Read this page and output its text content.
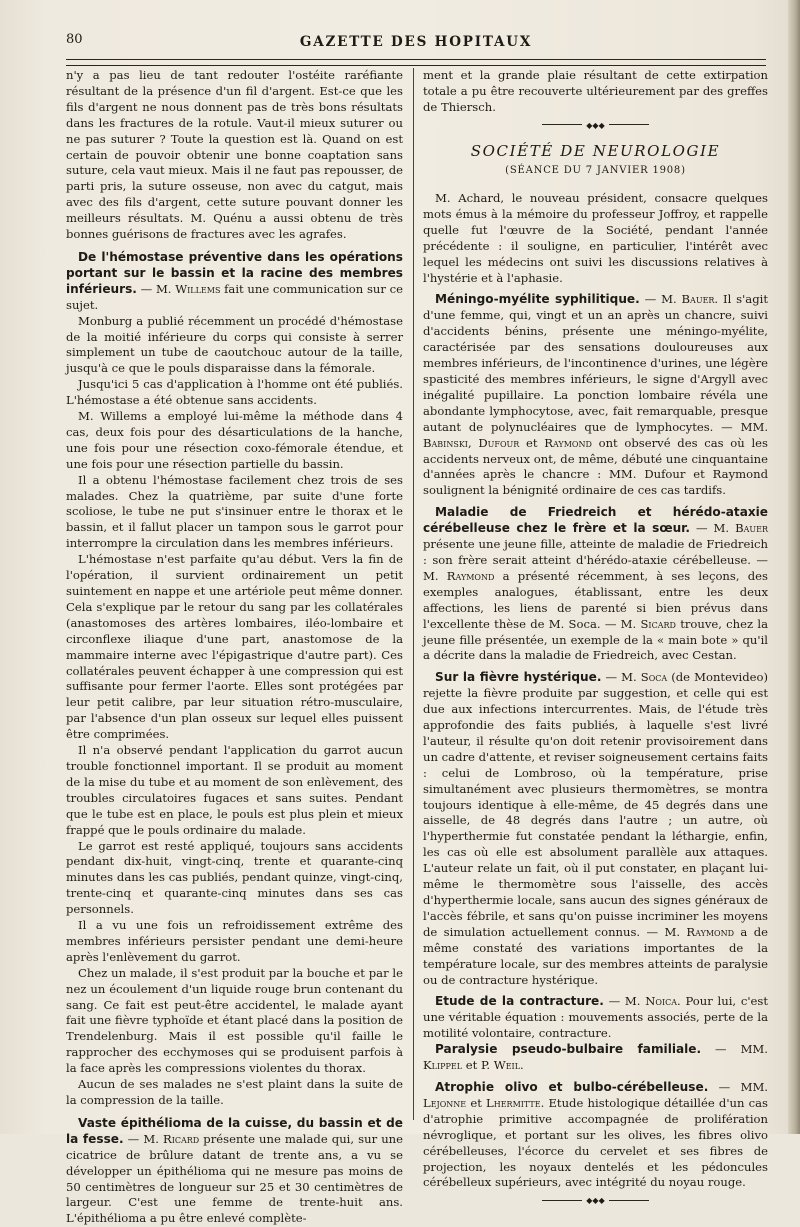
80	GAZETTE DES HOPITAUX

n'y a pas lieu de tant redouter l'ostéite raréfiante résultant de la présence d'un fil d'argent. Est-ce que les fils d'argent ne nous donnent pas de très bons résultats dans les fractures de la rotule. Vaut-il mieux suturer ou ne pas suturer ? Toute la question est là. Quand on est certain de pouvoir obtenir une bonne coaptation sans suture, cela vaut mieux. Mais il ne faut pas repousser, de parti pris, la suture osseuse, non avec du catgut, mais avec des fils d'argent, cette suture pouvant donner les meilleurs résultats. M. Quénu a aussi obtenu de très bonnes guérisons de fractures avec les agrafes.

De l'hémostase préventive dans les opérations portant sur le bassin et la racine des membres inférieurs. — M. Willems fait une communication sur ce sujet.

Monburg a publié récemment un procédé d'hémostase de la moitié inférieure du corps qui consiste à serrer simplement un tube de caoutchouc autour de la taille, jusqu'à ce que le pouls disparaisse dans la fémorale.

Jusqu'ici 5 cas d'application à l'homme ont été publiés. L'hémostase a été obtenue sans accidents.

M. Willems a employé lui-même la méthode dans 4 cas, deux fois pour des désarticulations de la hanche, une fois pour une résection coxo-fémorale étendue, et une fois pour une résection partielle du bassin.

Il a obtenu l'hémostase facilement chez trois de ses malades. Chez la quatrième, par suite d'une forte scoliose, le tube ne put s'insinuer entre le thorax et le bassin, et il fallut placer un tampon sous le garrot pour interrompre la circulation dans les membres inférieurs.

L'hémostase n'est parfaite qu'au début. Vers la fin de l'opération, il survient ordinairement un petit suintement en nappe et une artériole peut même donner. Cela s'explique par le retour du sang par les collatérales (anastomoses des artères lombaires, iléo-lombaire et circonflexe iliaque d'une part, anastomose de la mammaire interne avec l'épigastrique d'autre part). Ces collatérales peuvent échapper à une compression qui est suffisante pour fermer l'aorte. Elles sont protégées par leur petit calibre, par leur situation rétro-musculaire, par l'absence d'un plan osseux sur lequel elles puissent être comprimées.

Il n'a observé pendant l'application du garrot aucun trouble fonctionnel important. Il se produit au moment de la mise du tube et au moment de son enlèvement, des troubles circulatoires fugaces et sans suites. Pendant que le tube est en place, le pouls est plus plein et mieux frappé que le pouls ordinaire du malade.

Le garrot est resté appliqué, toujours sans accidents pendant dix-huit, vingt-cinq, trente et quarante-cinq minutes dans les cas publiés, pendant quinze, vingt-cinq, trente-cinq et quarante-cinq minutes dans ses cas personnels.

Il a vu une fois un refroidissement extrême des membres inférieurs persister pendant une demi-heure après l'enlèvement du garrot.

Chez un malade, il s'est produit par la bouche et par le nez un écoulement d'un liquide rouge brun contenant du sang. Ce fait est peut-être accidentel, le malade ayant fait une fièvre typhoïde et étant placé dans la position de Trendelenburg. Mais il est possible qu'il faille le rapprocher des ecchymoses qui se produisent parfois à la face après les compressions violentes du thorax.

Aucun de ses malades ne s'est plaint dans la suite de la compression de la taille.

Vaste épithélioma de la cuisse, du bassin et de la fesse. — M. Ricard présente une malade qui, sur une cicatrice de brûlure datant de trente ans, a vu se développer un épithélioma qui ne mesure pas moins de 50 centimètres de longueur sur 25 et 30 centimètres de largeur. C'est une femme de trente-huit ans. L'épithélioma a pu être enlevé complète-

ment et la grande plaie résultant de cette extirpation totale a pu être recouverte ultérieurement par des greffes de Thiersch.

◆◆◆
SOCIÉTÉ DE NEUROLOGIE
(SÉANCE DU 7 JANVIER 1908)

M. Achard, le nouveau président, consacre quelques mots émus à la mémoire du professeur Joffroy, et rappelle quelle fut l'œuvre de la Société, pendant l'année précédente : il souligne, en particulier, l'intérêt avec lequel les médecins ont suivi les discussions relatives à l'hystérie et à l'aphasie.

Méningo-myélite syphilitique. — M. Bauer. Il s'agit d'une femme, qui, vingt et un an après un chancre, suivi d'accidents bénins, présente une méningo-myélite, caractérisée par des sensations douloureuses aux membres inférieurs, de l'incontinence d'urines, une légère spasticité des membres inférieurs, le signe d'Argyll avec inégalité pupillaire. La ponction lombaire révéla une abondante lymphocytose, avec, fait remarquable, presque autant de polynucléaires que de lymphocytes. — MM. Babinski, Dufour et Raymond ont observé des cas où les accidents nerveux ont, de même, débuté une cinquantaine d'années après le chancre : MM. Dufour et Raymond soulignent la bénignité ordinaire de ces cas tardifs.

Maladie de Friedreich et hérédo-ataxie cérébelleuse chez le frère et la sœur. — M. Bauer présente une jeune fille, atteinte de maladie de Friedreich : son frère serait atteint d'hérédo-ataxie cérébelleuse. — M. Raymond a présenté récemment, à ses leçons, des exemples analogues, établissant, entre les deux affections, les liens de parenté si bien prévus dans l'excellente thèse de M. Soca. — M. Sicard trouve, chez la jeune fille présentée, un exemple de la « main bote » qu'il a décrite dans la maladie de Friedreich, avec Cestan.

Sur la fièvre hystérique. — M. Soca (de Montevideo) rejette la fièvre produite par suggestion, et celle qui est due aux infections intercurrentes. Mais, de l'étude très approfondie des faits publiés, à laquelle s'est livré l'auteur, il résulte qu'on doit retenir provisoirement dans un cadre d'attente, et reviser soigneusement certains faits : celui de Lombroso, où la température, prise simultanément avec plusieurs thermomètres, se montra toujours identique à elle-même, de 45 degrés dans une aisselle, de 48 degrés dans l'autre ; un autre, où l'hyperthermie fut constatée pendant la léthargie, enfin, les cas où elle est absolument parallèle aux attaques. L'auteur relate un fait, où il put constater, en plaçant lui-même le thermomètre sous l'aisselle, des accès d'hyperthermie locale, sans aucun des signes généraux de l'accès fébrile, et sans qu'on puisse incriminer les moyens de simulation actuellement connus. — M. Raymond a de même constaté des variations importantes de la température locale, sur des membres atteints de paralysie ou de contracture hystérique.

Etude de la contracture. — M. Noica. Pour lui, c'est une véritable équation : mouvements associés, perte de la motilité volontaire, contracture.

Paralysie pseudo-bulbaire familiale. — MM. Klippel et P. Weil.

Atrophie olivo et bulbo-cérébelleuse. — MM. Lejonne et Lhermitte. Etude histologique détaillée d'un cas d'atrophie primitive accompagnée de prolifération névroglique, et portant sur les olives, les fibres olivo cérébelleuses, l'écorce du cervelet et ses fibres de projection, les noyaux dentelés et les pédoncules cérébelleux supérieurs, avec intégrité du noyau rouge.

◆◆◆
